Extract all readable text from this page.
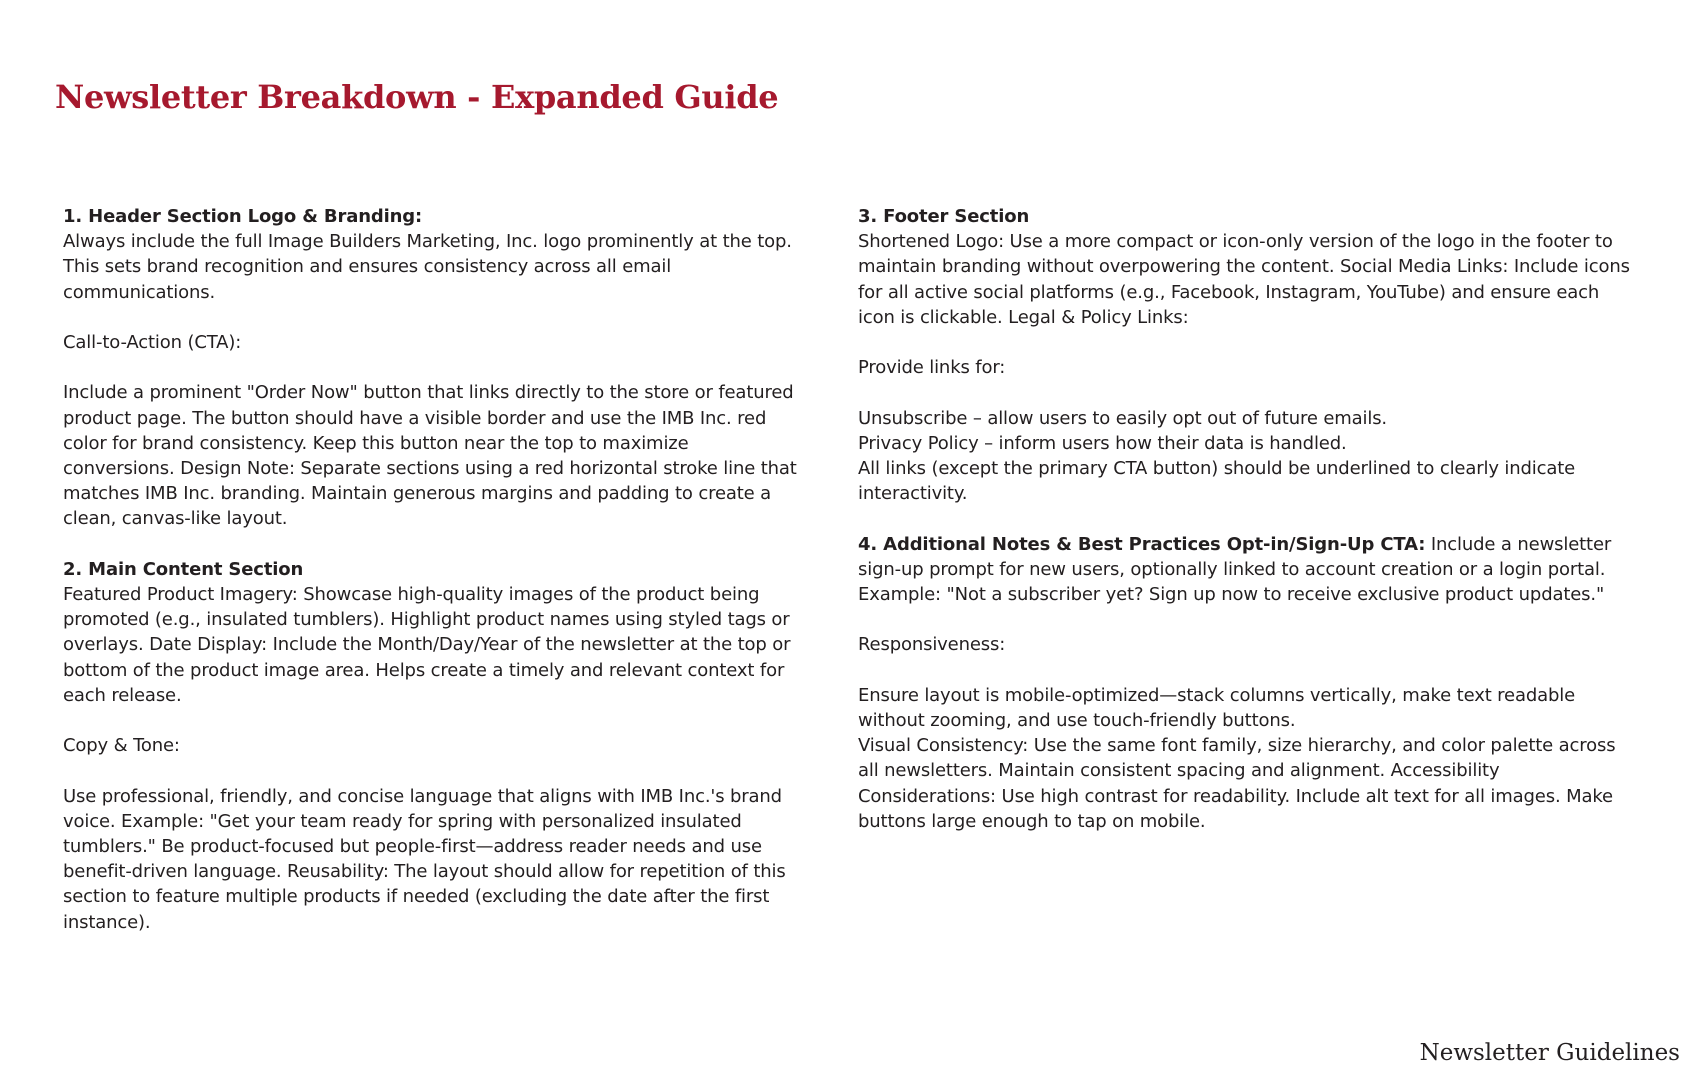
Newsletter Breakdown - Expanded Guide

1. Header Section Logo & Branding:
Always include the full Image Builders Marketing, Inc. logo prominently at the top. This sets brand recognition and ensures consistency across all email communications.

Call-to-Action (CTA):

Include a prominent "Order Now" button that links directly to the store or featured product page. The button should have a visible border and use the IMB Inc. red color for brand consistency. Keep this button near the top to maximize conversions. Design Note: Separate sections using a red horizontal stroke line that matches IMB Inc. branding. Maintain generous margins and padding to create a clean, canvas-like layout.

2. Main Content Section
Featured Product Imagery: Showcase high-quality images of the product being promoted (e.g., insulated tumblers). Highlight product names using styled tags or overlays. Date Display: Include the Month/Day/Year of the newsletter at the top or bottom of the product image area. Helps create a timely and relevant context for each release.

Copy & Tone:

Use professional, friendly, and concise language that aligns with IMB Inc.'s brand voice. Example: "Get your team ready for spring with personalized insulated tumblers." Be product-focused but people-first—address reader needs and use benefit-driven language. Reusability: The layout should allow for repetition of this section to feature multiple products if needed (excluding the date after the first instance).

3. Footer Section
Shortened Logo: Use a more compact or icon-only version of the logo in the footer to maintain branding without overpowering the content. Social Media Links: Include icons for all active social platforms (e.g., Facebook, Instagram, YouTube) and ensure each icon is clickable. Legal & Policy Links:

Provide links for:

Unsubscribe – allow users to easily opt out of future emails.
Privacy Policy – inform users how their data is handled.
All links (except the primary CTA button) should be underlined to clearly indicate interactivity.

4. Additional Notes & Best Practices Opt-in/Sign-Up CTA: Include a newsletter sign-up prompt for new users, optionally linked to account creation or a login portal. Example: "Not a subscriber yet? Sign up now to receive exclusive product updates."

Responsiveness:

Ensure layout is mobile-optimized—stack columns vertically, make text readable without zooming, and use touch-friendly buttons.
Visual Consistency: Use the same font family, size hierarchy, and color palette across all newsletters. Maintain consistent spacing and alignment. Accessibility Considerations: Use high contrast for readability. Include alt text for all images. Make buttons large enough to tap on mobile.

Newsletter Guidelines
